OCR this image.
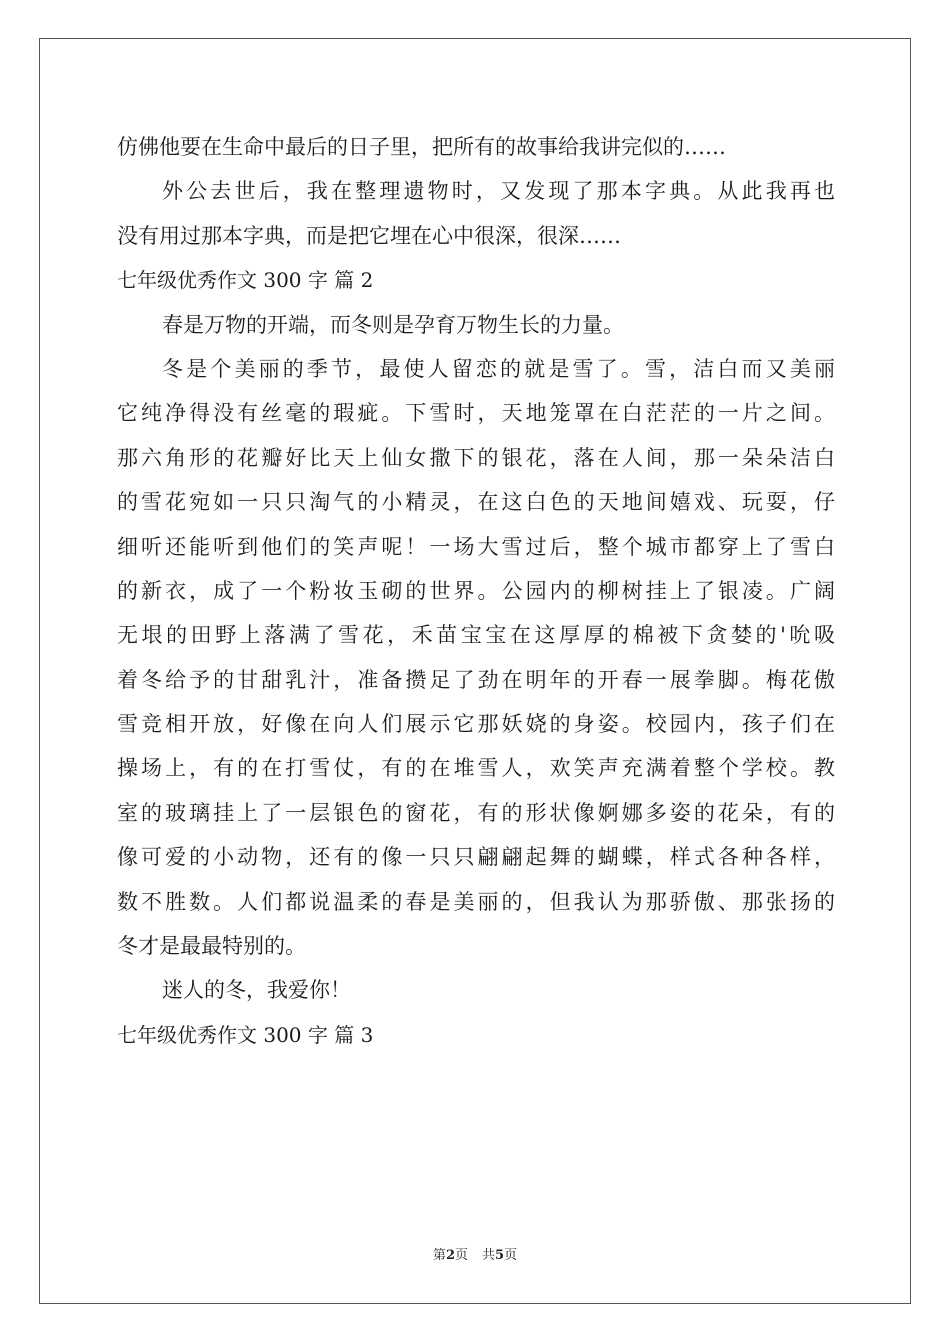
仿佛他要在生命中最后的日子里，把所有的故事给我讲完似的……
外公去世后，我在整理遗物时，又发现了那本字典。从此我再也
没有用过那本字典，而是把它埋在心中很深，很深……
七年级优秀作文 300 字 篇 2
春是万物的开端，而冬则是孕育万物生长的力量。
冬是个美丽的季节，最使人留恋的就是雪了。雪，洁白而又美丽
它纯净得没有丝毫的瑕疵。下雪时，天地笼罩在白茫茫的一片之间。
那六角形的花瓣好比天上仙女撒下的银花，落在人间，那一朵朵洁白
的雪花宛如一只只淘气的小精灵，在这白色的天地间嬉戏、玩耍，仔
细听还能听到他们的笑声呢！一场大雪过后，整个城市都穿上了雪白
的新衣，成了一个粉妆玉砌的世界。公园内的柳树挂上了银凌。广阔
无垠的田野上落满了雪花，禾苗宝宝在这厚厚的棉被下贪婪的'吮吸
着冬给予的甘甜乳汁，准备攒足了劲在明年的开春一展拳脚。梅花傲
雪竞相开放，好像在向人们展示它那妖娆的身姿。校园内，孩子们在
操场上，有的在打雪仗，有的在堆雪人，欢笑声充满着整个学校。教
室的玻璃挂上了一层银色的窗花，有的形状像婀娜多姿的花朵，有的
像可爱的小动物，还有的像一只只翩翩起舞的蝴蝶，样式各种各样，
数不胜数。人们都说温柔的春是美丽的，但我认为那骄傲、那张扬的
冬才是最最特别的。
迷人的冬，我爱你！
七年级优秀作文 300 字 篇 3
第2页 共5页
